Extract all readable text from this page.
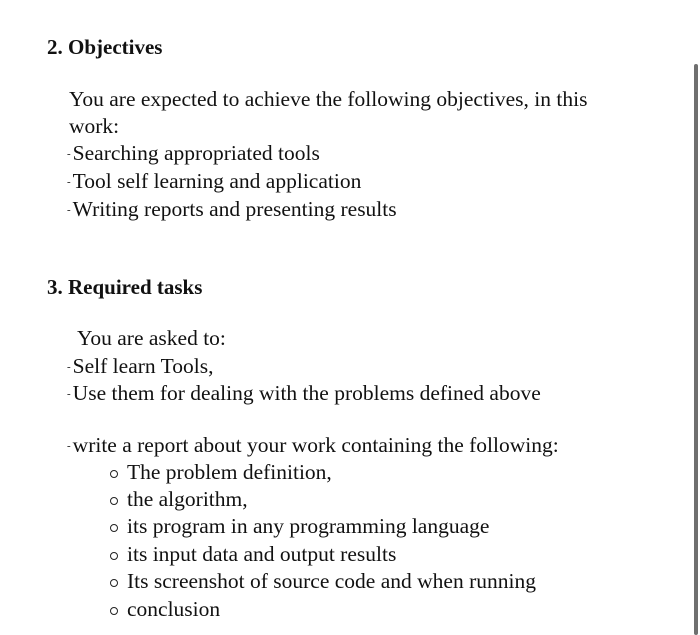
2. Objectives
You are expected to achieve the following objectives, in this
work:
-Searching appropriated tools
-Tool self learning and application
-Writing reports and presenting results
3. Required tasks
You are asked to:
-Self learn Tools,
-Use them for dealing with the problems defined above
-write a report about your work containing the following:
The problem definition,
the algorithm,
its program in any programming language
its input data and output results
Its screenshot of source code and when running
conclusion
